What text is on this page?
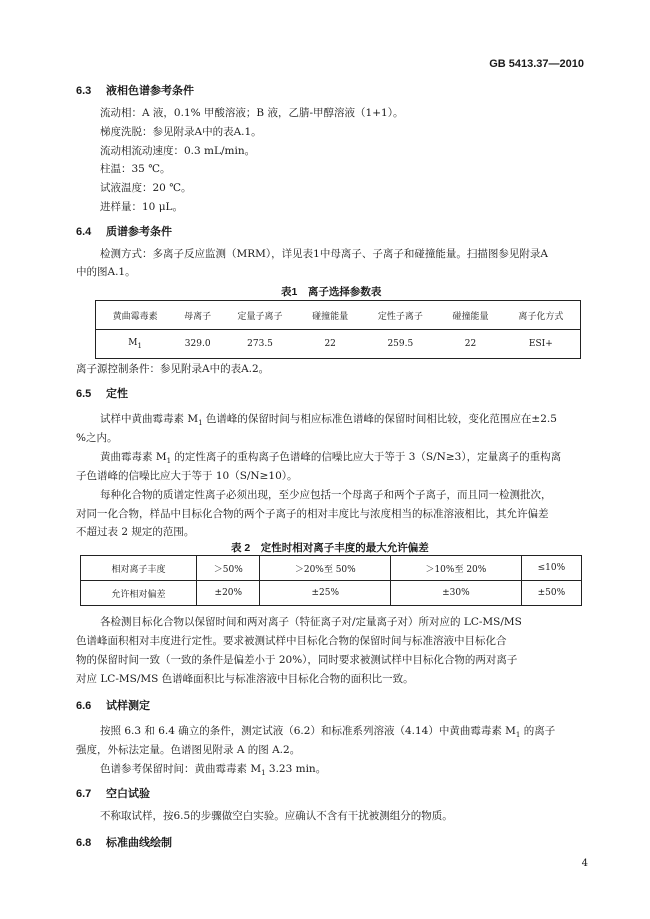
GB 5413.37—2010
6.3 液相色谱参考条件
流动相：A 液，0.1% 甲酸溶液；B 液，乙腈-甲醇溶液（1+1）。
梯度洗脱：参见附录A中的表A.1。
流动相流动速度：0.3 mL/min。
柱温：35 ℃。
试液温度：20 ℃。
进样量：10 μL。
6.4 质谱参考条件
检测方式：多离子反应监测（MRM），详见表1中母离子、子离子和碰撞能量。扫描图参见附录A
中的图A.1。
表1　离子选择参数表
黄曲霉毒素	母离子	定量子离子	碰撞能量	定性子离子	碰撞能量	离子化方式
$M_1$	329.0	273.5	22	259.5	22	ESI+
离子源控制条件：参见附录A中的表A.2。
6.5 定性
试样中黄曲霉毒素 $M_1$ 色谱峰的保留时间与相应标准色谱峰的保留时间相比较，变化范围应在±2.5
%之内。
黄曲霉毒素 $M_1$ 的定性离子的重构离子色谱峰的信噪比应大于等于 3（S/N≥3），定量离子的重构离
子色谱峰的信噪比应大于等于 10（S/N≥10）。
每种化合物的质谱定性离子必须出现，至少应包括一个母离子和两个子离子，而且同一检测批次，
对同一化合物，样品中目标化合物的两个子离子的相对丰度比与浓度相当的标准溶液相比，其允许偏差
不超过表 2 规定的范围。
表 2　定性时相对离子丰度的最大允许偏差
相对离子丰度	＞50%	＞20%至 50%	＞10%至 20%	≤10%
允许相对偏差	±20%	±25%	±30%	±50%
各检测目标化合物以保留时间和两对离子（特征离子对/定量离子对）所对应的 LC-MS/MS
色谱峰面积相对丰度进行定性。要求被测试样中目标化合物的保留时间与标准溶液中目标化合
物的保留时间一致（一致的条件是偏差小于 20%），同时要求被测试样中目标化合物的两对离子
对应 LC-MS/MS 色谱峰面积比与标准溶液中目标化合物的面积比一致。
6.6 试样测定
按照 6.3 和 6.4 确立的条件，测定试液（6.2）和标准系列溶液（4.14）中黄曲霉毒素 $M_1$ 的离子
强度，外标法定量。色谱图见附录 A 的图 A.2。
色谱参考保留时间：黄曲霉毒素 $M_1$ 3.23 min。
6.7 空白试验
不称取试样，按6.5的步骤做空白实验。应确认不含有干扰被测组分的物质。
6.8 标准曲线绘制
4
